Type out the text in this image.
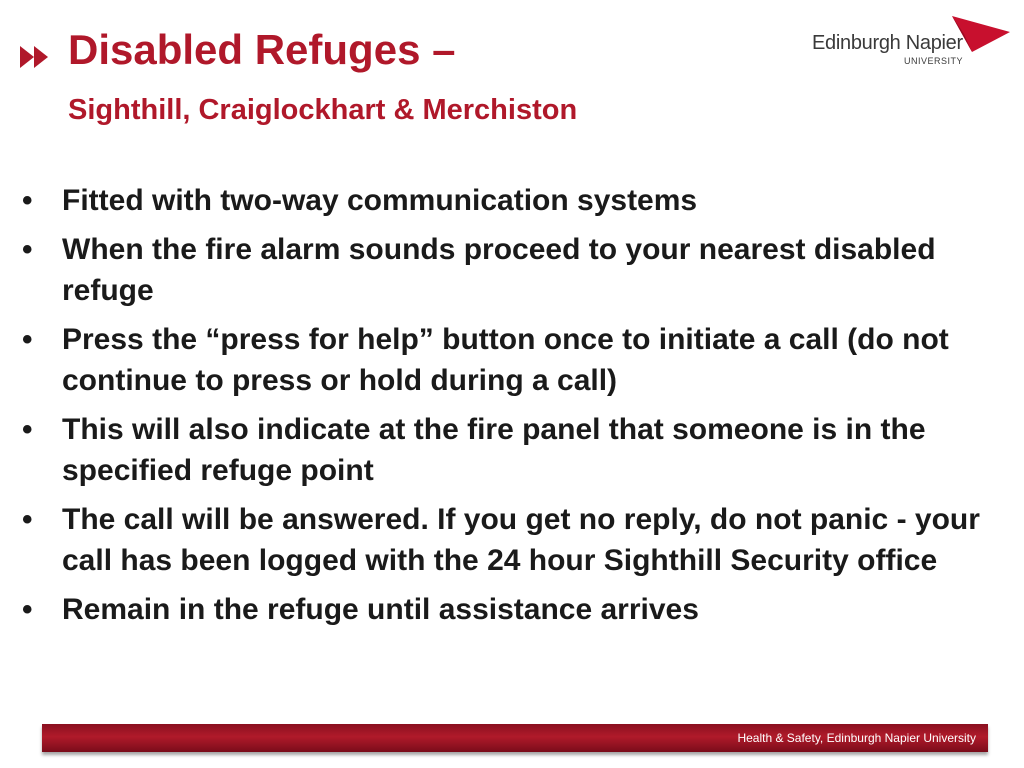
Disabled Refuges –
Sighthill, Craiglockhart & Merchiston
Edinburgh Napier
UNIVERSITY
• Fitted with two-way communication systems
• When the fire alarm sounds proceed to your nearest disabled refuge
• Press the “press for help” button once to initiate a call (do not continue to press or hold during a call)
• This will also indicate at the fire panel that someone is in the specified refuge point
• The call will be answered. If you get no reply, do not panic - your call has been logged with the 24 hour Sighthill Security office
• Remain in the refuge until assistance arrives
Health & Safety, Edinburgh Napier University
